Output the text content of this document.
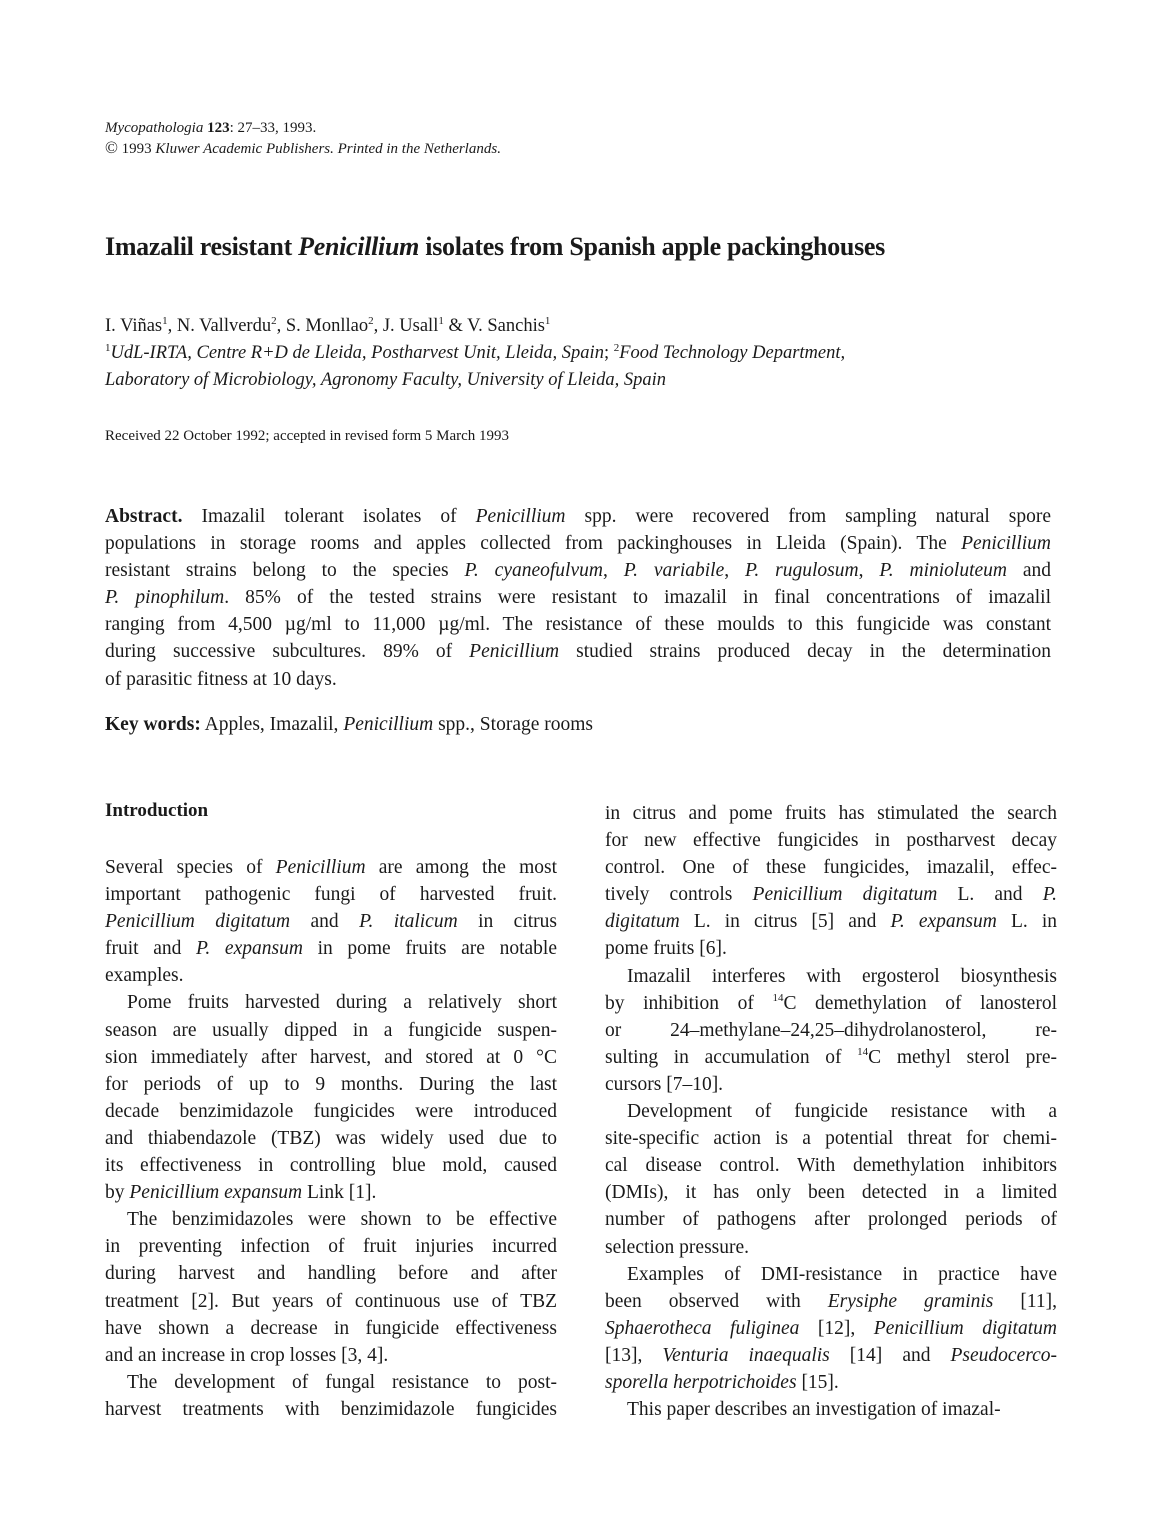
Mycopathologia 123: 27–33, 1993.
© 1993 Kluwer Academic Publishers. Printed in the Netherlands.
Imazalil resistant Penicillium isolates from Spanish apple packinghouses
I. Viñas$^1$, N. Vallverdu$^2$, S. Monllao$^2$, J. Usall$^1$ & V. Sanchis$^1$
$^1$UdL-IRTA, Centre R+D de Lleida, Postharvest Unit, Lleida, Spain; $^2$Food Technology Department,
Laboratory of Microbiology, Agronomy Faculty, University of Lleida, Spain
Received 22 October 1992; accepted in revised form 5 March 1993
Abstract. Imazalil tolerant isolates of Penicillium spp. were recovered from sampling natural spore
populations in storage rooms and apples collected from packinghouses in Lleida (Spain). The Penicillium
resistant strains belong to the species P. cyaneofulvum, P. variabile, P. rugulosum, P. minioluteum and
P. pinophilum. 85% of the tested strains were resistant to imazalil in final concentrations of imazalil
ranging from 4,500 µg/ml to 11,000 µg/ml. The resistance of these moulds to this fungicide was constant
during successive subcultures. 89% of Penicillium studied strains produced decay in the determination
of parasitic fitness at 10 days.
Key words: Apples, Imazalil, Penicillium spp., Storage rooms
Introduction
Several species of Penicillium are among the most
important pathogenic fungi of harvested fruit.
Penicillium digitatum and P. italicum in citrus
fruit and P. expansum in pome fruits are notable
examples.
Pome fruits harvested during a relatively short
season are usually dipped in a fungicide suspen-
sion immediately after harvest, and stored at 0 °C
for periods of up to 9 months. During the last
decade benzimidazole fungicides were introduced
and thiabendazole (TBZ) was widely used due to
its effectiveness in controlling blue mold, caused
by Penicillium expansum Link [1].
The benzimidazoles were shown to be effective
in preventing infection of fruit injuries incurred
during harvest and handling before and after
treatment [2]. But years of continuous use of TBZ
have shown a decrease in fungicide effectiveness
and an increase in crop losses [3, 4].
The development of fungal resistance to post-
harvest treatments with benzimidazole fungicides
in citrus and pome fruits has stimulated the search
for new effective fungicides in postharvest decay
control. One of these fungicides, imazalil, effec-
tively controls Penicillium digitatum L. and P.
digitatum L. in citrus [5] and P. expansum L. in
pome fruits [6].
Imazalil interferes with ergosterol biosynthesis
by inhibition of $^{14}$C demethylation of lanosterol
or 24–methylane–24,25–dihydrolanosterol, re-
sulting in accumulation of $^{14}$C methyl sterol pre-
cursors [7–10].
Development of fungicide resistance with a
site-specific action is a potential threat for chemi-
cal disease control. With demethylation inhibitors
(DMIs), it has only been detected in a limited
number of pathogens after prolonged periods of
selection pressure.
Examples of DMI-resistance in practice have
been observed with Erysiphe graminis [11],
Sphaerotheca fuliginea [12], Penicillium digitatum
[13], Venturia inaequalis [14] and Pseudocerco-
sporella herpotrichoides [15].
This paper describes an investigation of imazal-
